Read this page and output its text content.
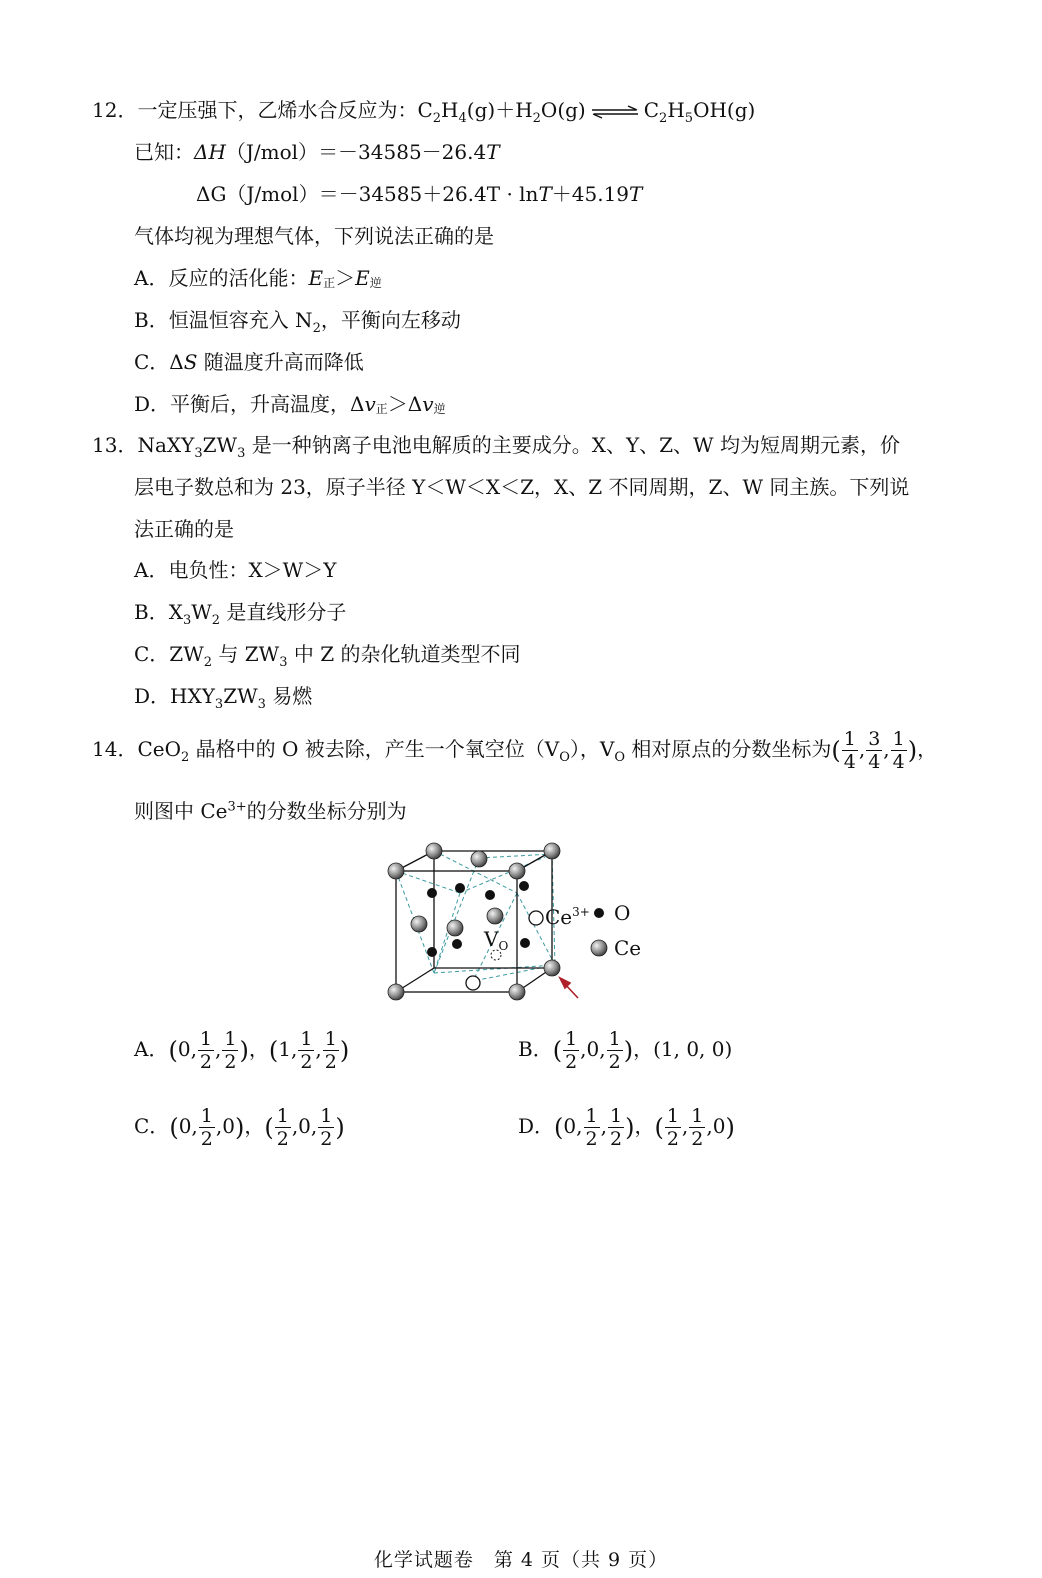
12．一定压强下，乙烯水合反应为：$C_2H_4(g)+H_2O(g)$ ⇌ $C_2H_5OH(g)$
已知：ΔH（J/mol）＝－34585－26.4T
ΔG（J/mol）＝－34585＋26.4T · lnT＋45.19T
气体均视为理想气体，下列说法正确的是
A．反应的活化能：E正＞E逆
B．恒温恒容充入 $N_2$，平衡向左移动
C．ΔS 随温度升高而降低
D．平衡后，升高温度，Δv正＞Δv逆
13．$NaXY_3ZW_3$ 是一种钠离子电池电解质的主要成分。X、Y、Z、W 均为短周期元素，价
层电子数总和为 23，原子半径 Y＜W＜X＜Z，X、Z 不同周期，Z、W 同主族。下列说
法正确的是
A．电负性：X＞W＞Y
B．$X_3W_2$ 是直线形分子
C．$ZW_2$ 与 $ZW_3$ 中 Z 的杂化轨道类型不同
D．$HXY_3ZW_3$ 易燃
14．CeO$_2$ 晶格中的 O 被去除，产生一个氧空位$(V_O)$，$V_O$ 相对原点的分数坐标为( $\frac{1}{4}$ , $\frac{3}{4}$ , $\frac{1}{4}$ )，
则图中 $Ce^{3+}$的分数坐标分别为
$Ce^{3+}$
$V_O$
O
Ce
A．(0, $\frac{1}{2}$ , $\frac{1}{2}$ )，(1, $\frac{1}{2}$ , $\frac{1}{2}$ )	B．( $\frac{1}{2} ,0$, $\frac{1}{2}$ )，(1, 0, 0)
C．(0, $\frac{1}{2} ,0$)，( $\frac{1}{2} ,0$, $\frac{1}{2}$ )	D．(0, $\frac{1}{2}$ , $\frac{1}{2}$ )，( $\frac{1}{2}$ , $\frac{1}{2} ,0$)
化学试题卷　第 4 页（共 9 页）
